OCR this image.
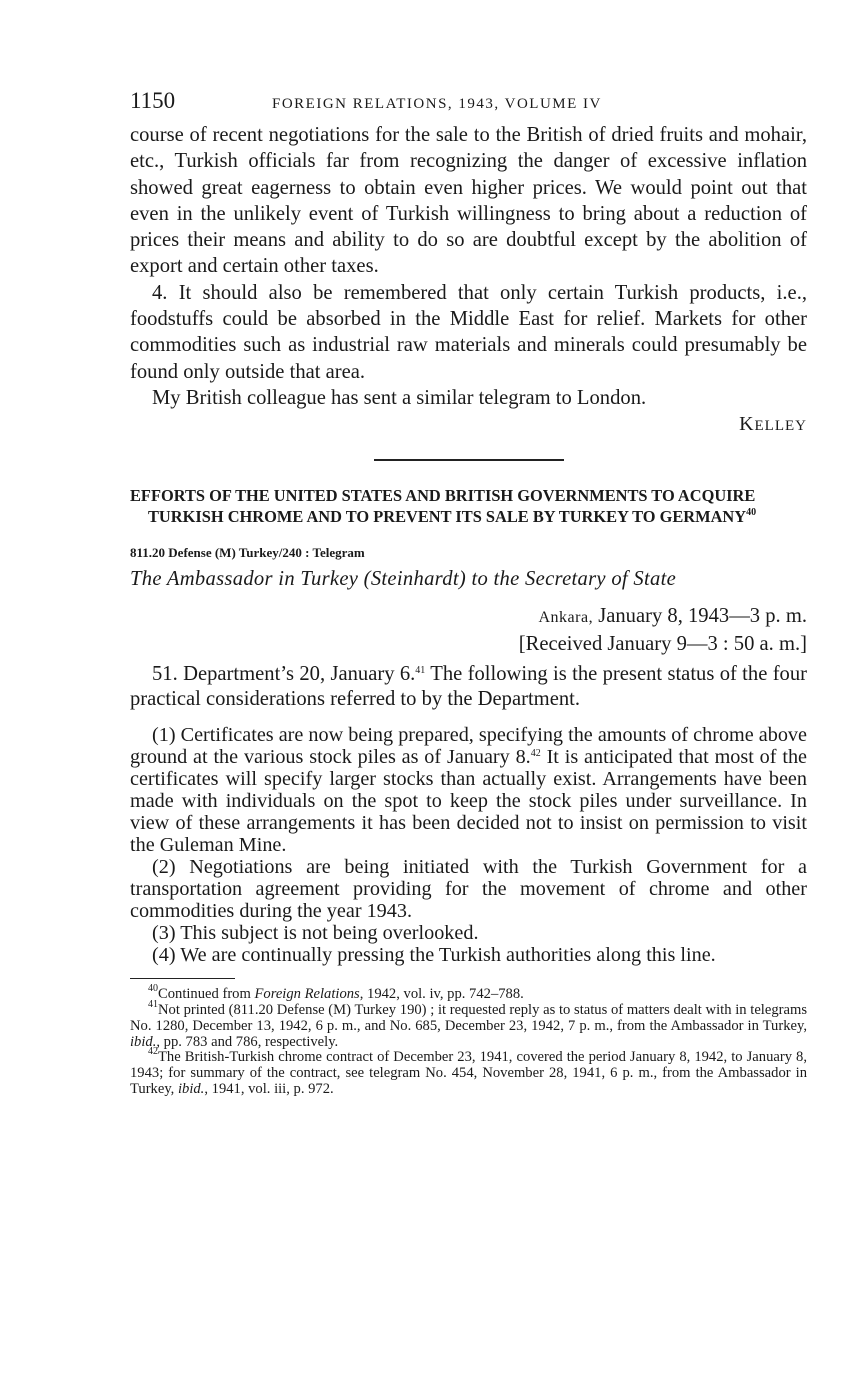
1150	FOREIGN RELATIONS, 1943, VOLUME IV

course of recent negotiations for the sale to the British of dried fruits and mohair, etc., Turkish officials far from recognizing the danger of excessive inflation showed great eagerness to obtain even higher prices. We would point out that even in the unlikely event of Turkish willingness to bring about a reduction of prices their means and ability to do so are doubtful except by the abolition of export and certain other taxes.

4. It should also be remembered that only certain Turkish products, i.e., foodstuffs could be absorbed in the Middle East for relief. Markets for other commodities such as industrial raw materials and minerals could presumably be found only outside that area.

My British colleague has sent a similar telegram to London.

KELLEY
EFFORTS OF THE UNITED STATES AND BRITISH GOVERNMENTS TO ACQUIRE TURKISH CHROME AND TO PREVENT ITS SALE BY TURKEY TO GERMANY$^{40}$
811.20 Defense (M) Turkey/240 : Telegram
The Ambassador in Turkey (Steinhardt) to the Secretary of State
Ankara, January 8, 1943—3 p. m.
[Received January 9—3 : 50 a. m.]

51. Department’s 20, January 6.41 The following is the present status of the four practical considerations referred to by the Department.

(1) Certificates are now being prepared, specifying the amounts of chrome above ground at the various stock piles as of January 8.42 It is anticipated that most of the certificates will specify larger stocks than actually exist. Arrangements have been made with individuals on the spot to keep the stock piles under surveillance. In view of these arrangements it has been decided not to insist on permission to visit the Guleman Mine.

(2) Negotiations are being initiated with the Turkish Government for a transportation agreement providing for the movement of chrome and other commodities during the year 1943.

(3) This subject is not being overlooked.

(4) We are continually pressing the Turkish authorities along this line.

$^{40}$Continued from Foreign Relations, 1942, vol. iv, pp. 742–788.

$^{41}$Not printed (811.20 Defense (M) Turkey 190) ; it requested reply as to status of matters dealt with in telegrams No. 1280, December 13, 1942, 6 p. m., and No. 685, December 23, 1942, 7 p. m., from the Ambassador in Turkey, ibid., pp. 783 and 786, respectively.

$^{42}$The British-Turkish chrome contract of December 23, 1941, covered the period January 8, 1942, to January 8, 1943; for summary of the contract, see telegram No. 454, November 28, 1941, 6 p. m., from the Ambassador in Turkey, ibid., 1941, vol. iii, p. 972.
